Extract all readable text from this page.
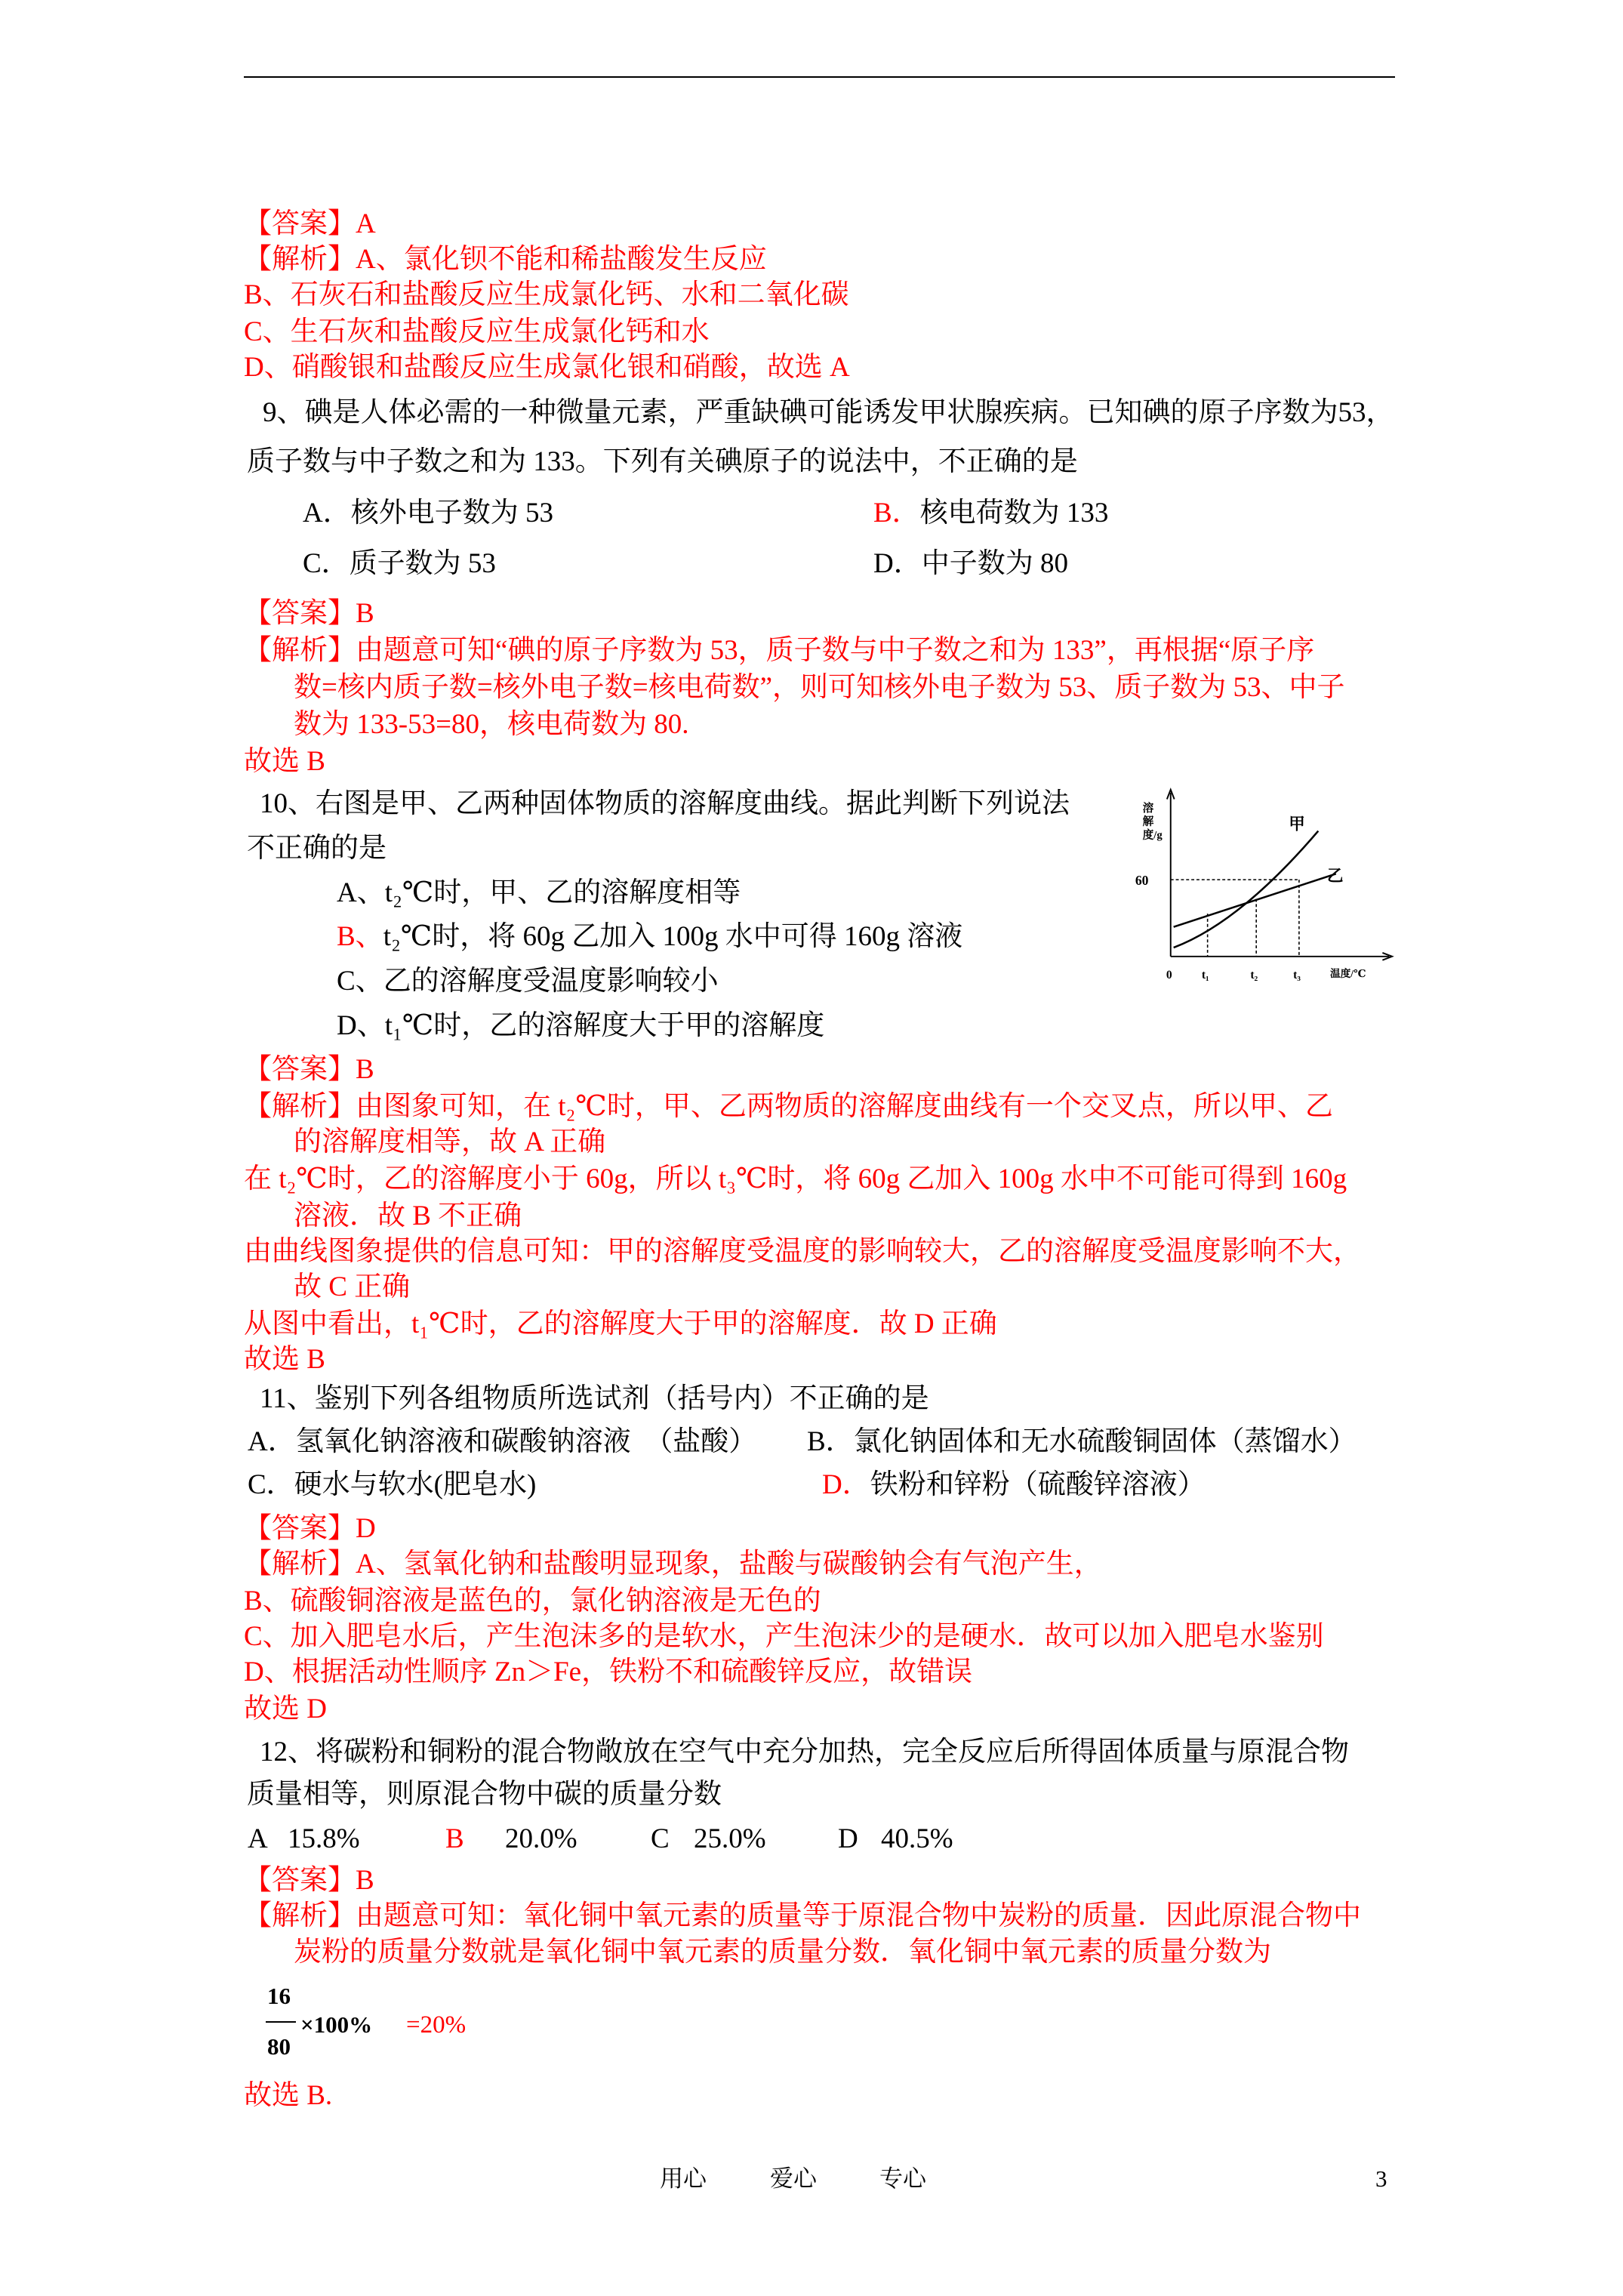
【答案】A
【解析】A、氯化钡不能和稀盐酸发生反应
B、石灰石和盐酸反应生成氯化钙、水和二氧化碳
C、生石灰和盐酸反应生成氯化钙和水
D、硝酸银和盐酸反应生成氯化银和硝酸，故选 A
9、碘是人体必需的一种微量元素，严重缺碘可能诱发甲状腺疾病。已知碘的原子序数为53，
质子数与中子数之和为 133。下列有关碘原子的说法中，不正确的是
A．核外电子数为 53	B．核电荷数为 133
C．质子数为 53	D．中子数为 80
【答案】B
【解析】由题意可知“碘的原子序数为 53，质子数与中子数之和为 133”，再根据“原子序
数=核内质子数=核外电子数=核电荷数”，则可知核外电子数为 53、质子数为 53、中子
数为 133-53=80，核电荷数为 80.
故选 B
10、右图是甲、乙两种固体物质的溶解度曲线。据此判断下列说法
不正确的是
A、t₂℃时，甲、乙的溶解度相等
B、t₂℃时，将 60g 乙加入 100g 水中可得 160g 溶液
C、乙的溶解度受温度影响较小
D、t₁℃时，乙的溶解度大于甲的溶解度
溶
解
度/g
甲
乙
60
0	t₁	t₂	t₃	温度/℃
【答案】B
【解析】由图象可知，在 t₂℃时，甲、乙两物质的溶解度曲线有一个交叉点，所以甲、乙
的溶解度相等，故 A 正确
在 t₂℃时，乙的溶解度小于 60g，所以 t₃℃时，将 60g 乙加入 100g 水中不可能可得到 160g
溶液．故 B 不正确
由曲线图象提供的信息可知：甲的溶解度受温度的影响较大，乙的溶解度受温度影响不大，
故 C 正确
从图中看出，t₁℃时，乙的溶解度大于甲的溶解度．故 D 正确
故选 B
11、鉴别下列各组物质所选试剂（括号内）不正确的是
A．氢氧化钠溶液和碳酸钠溶液　（盐酸） B．氯化钠固体和无水硫酸铜固体（蒸馏水）
C．硬水与软水(肥皂水)	D．铁粉和锌粉（硫酸锌溶液）
【答案】D
【解析】A、氢氧化钠和盐酸明显现象，盐酸与碳酸钠会有气泡产生，
B、硫酸铜溶液是蓝色的，氯化钠溶液是无色的
C、加入肥皂水后，产生泡沫多的是软水，产生泡沫少的是硬水．故可以加入肥皂水鉴别
D、根据活动性顺序 Zn＞Fe，铁粉不和硫酸锌反应，故错误
故选 D
12、将碳粉和铜粉的混合物敞放在空气中充分加热，完全反应后所得固体质量与原混合物
质量相等，则原混合物中碳的质量分数
A 15.8%	B 20.0%	C 25.0%	D 40.5%
【答案】B
【解析】由题意可知：氧化铜中氧元素的质量等于原混合物中炭粉的质量．因此原混合物中
炭粉的质量分数就是氧化铜中氧元素的质量分数．氧化铜中氧元素的质量分数为
16
80
×100% =20%
故选 B.
用心	爱心	专心	3
